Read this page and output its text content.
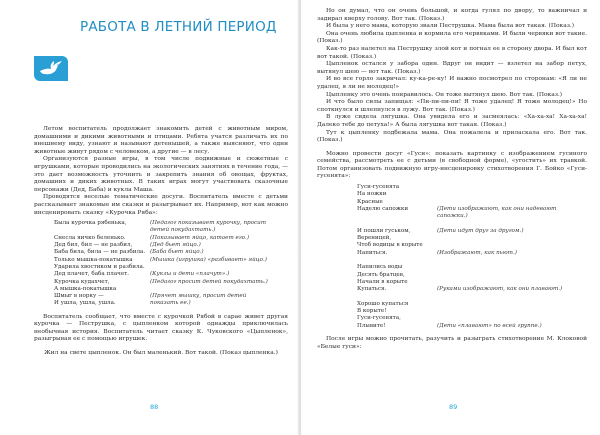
РАБОТА В ЛЕТНИЙ ПЕРИОД

Летом воспитатель продолжает знакомить детей с животным миром, домашними и дикими животными и птицами. Ребята учатся различать их по внешнему виду, узнают и называют детенышей, а также выясняют, что одни животные живут рядом с человеком, а другие — в лесу.

Организуются разные игры, в том числе подвижные и сюжетные с игрушками, которые проводились на экологических занятиях в течение года, — это дает возможность уточнить и закрепить знания об овощах, фруктах, домашних и диких животных. В таких играх могут участвовать сказочные персонажи (Дед, Баба) и кукла Маша.

Проводятся веселые тематические досуги. Воспитатель вместе с детьми рассказывает знакомые им сказки и разыгрывает их. Например, вот как можно инсценировать сказку «Курочка Ряба»:

Была курочка рябенька,	(Педагог показывает курочку, просит
детей покудахтать.)
Снесла яичко беленько.	(Показывает яйцо, катает его.)
Дед бил, бил — не разбил,	(Дед бьет яйцо.)
Баба била, била — не разбила. (Баба бьет яйцо.)
Только мышка-покатышка	(Мышка (игрушка) «разбивает» яйцо.)
Ударила хвостиком и разбила.
Дед плачет, баба плачет.	(Куклы и дети «плачут».)
Курочка кудахчет,	(Педагог просит детей покудахтать.)
А мышка-покатышка
Шмыг в норку —	(Прячет мышку, просит детей
И ушла, ушла, ушла.	показать ее.)

Воспитатель сообщает, что вместе с курочкой Рябой в сарае живет другая курочка — Пеструшка, с цыпленком которой однажды приключилась необычная история. Воспитатель читает сказку К. Чуковского «Цыпленок», разыгрывая ее с помощью игрушек.

Жил на свете цыпленок. Он был маленький. Вот такой. (Показ цыпленка.)

88

Но он думал, что он очень большой, и когда гулял по двору, то важничал и задирал кверху голову. Вот так. (Показ.)

И была у него мама, которую звали Пеструшка. Мама была вот такая. (Показ.)

Она очень любила цыпленка и кормила его червяками. И были червяки вот такие. (Показ.)

Как-то раз налетел на Пеструшку злой кот и погнал ее в сторону двора. И был кот вот такой. (Показ.)

Цыпленок остался у забора один. Вдруг он видит — взлетел на забор петух, вытянул шею — вот так. (Показ.)

И во все горло закричал: ку-ка-ре-ку! И важно посмотрел по сторонам: «Я ли не удалец, я ли не молодец!»

Цыпленку это очень понравилось. Он тоже вытянул шею. Вот так. (Показ.)

И что было силы запищал: «Пи-пи-пи-пи! Я тоже удалец! Я тоже молодец!» Но споткнулся и шлепнулся в лужу. Вот так. (Показ.)

В луже сидела лягушка. Она увидела его и засмеялась: «Ха-ха-ха! Ха-ха-ха! Далеко тебе до петуха!» А была лягушка вот такая. (Показ.)

Тут к цыпленку подбежала мама. Она пожалела и приласкала его. Вот так. (Показ.)

Можно провести досуг «Гуси»: показать картинку с изображением гусиного семейства, рассмотреть ее с детьми (в свободной форме), «угостить» их травкой. Потом организовать подвижную игру-инсценировку стихотворения Г. Бойко «Гуси-гусенята»:

Гуси-гусенята
На ножки
Красные
Наделю сапожки	(Дети изображают, как они надевают сапожки.)

И пошли гуськом,	(Дети идут друг за другом.)
Вереницей,
Чтоб водицы в корыте
Напиться.	(Изображают, как пьют.)

Напились воды
Десять братцев,
Начали в корыте
Купаться.	(Руками изображают, как они плавают.)

Хорошо купаться
В корыте!
Гуси-гусенята,
Плывите!	(Дети «плавают» по всей группе.)

После игры можно прочитать, разучить и разыграть стихотворение М. Клоковой «Белые гуси»:

89
